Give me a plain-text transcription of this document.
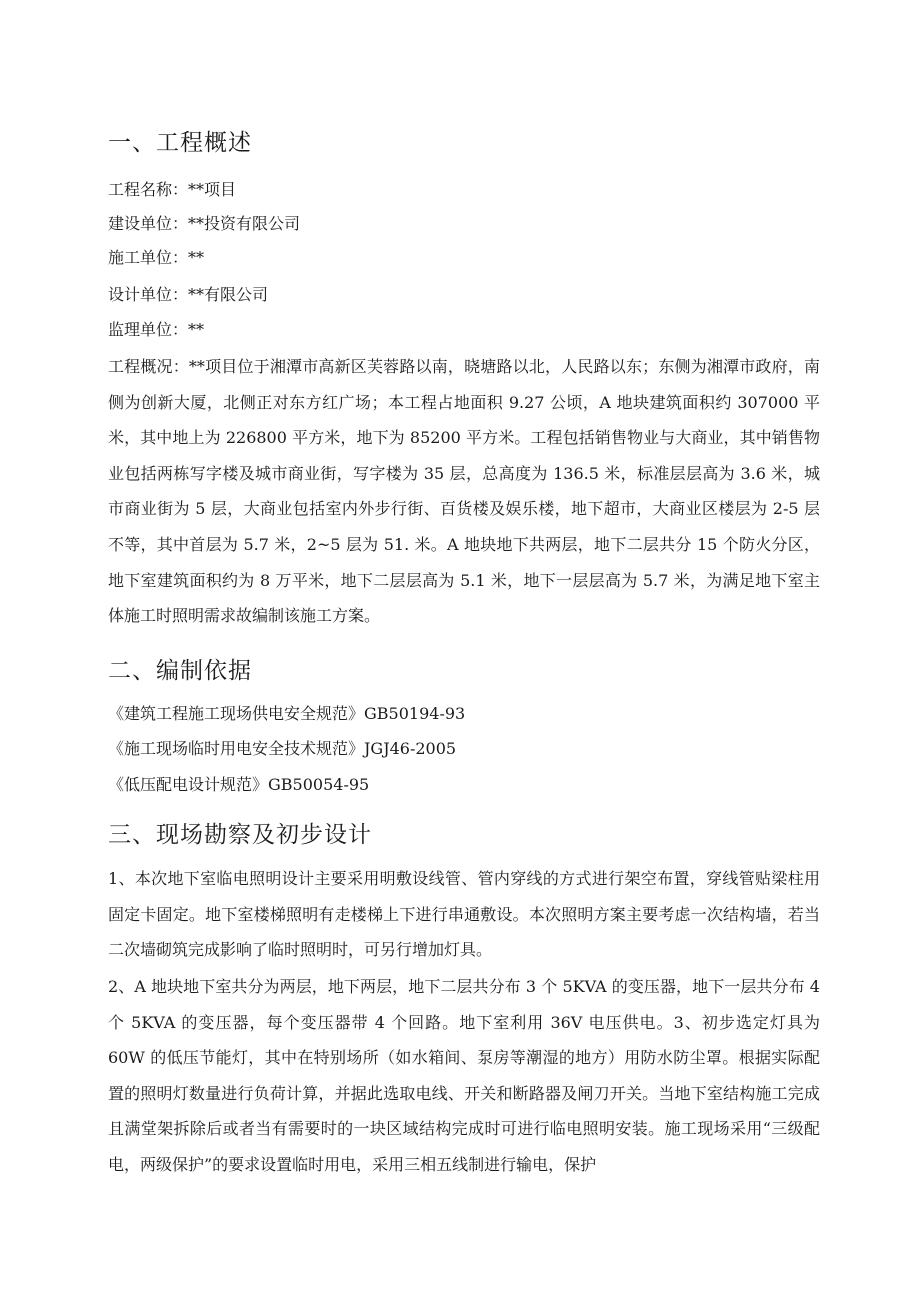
一、工程概述
工程名称：**项目
建设单位：**投资有限公司
施工单位：**
设计单位：**有限公司
监理单位：**
工程概况：**项目位于湘潭市高新区芙蓉路以南，晓塘路以北，人民路以东；东侧为湘潭市政府，南侧为创新大厦，北侧正对东方红广场；本工程占地面积 9.27 公顷，A 地块建筑面积约 307000 平米，其中地上为 226800 平方米，地下为 85200 平方米。工程包括销售物业与大商业，其中销售物业包括两栋写字楼及城市商业街，写字楼为 35 层，总高度为 136.5 米，标准层层高为 3.6 米，城市商业街为 5 层，大商业包括室内外步行街、百货楼及娱乐楼，地下超市，大商业区楼层为 2-5 层不等，其中首层为 5.7 米，2~5 层为 51. 米。A 地块地下共两层，地下二层共分 15 个防火分区，地下室建筑面积约为 8 万平米，地下二层层高为 5.1 米，地下一层层高为 5.7 米，为满足地下室主体施工时照明需求故编制该施工方案。
二、编制依据
《建筑工程施工现场供电安全规范》GB50194-93
《施工现场临时用电安全技术规范》JGJ46-2005
《低压配电设计规范》GB50054-95
三、现场勘察及初步设计
1、本次地下室临电照明设计主要采用明敷设线管、管内穿线的方式进行架空布置，穿线管贴梁柱用固定卡固定。地下室楼梯照明有走楼梯上下进行串通敷设。本次照明方案主要考虑一次结构墙，若当二次墙砌筑完成影响了临时照明时，可另行增加灯具。
2、A 地块地下室共分为两层，地下两层，地下二层共分布 3 个 5KVA 的变压器，地下一层共分布 4 个 5KVA 的变压器，每个变压器带 4 个回路。地下室利用 36V 电压供电。3、初步选定灯具为 60W 的低压节能灯，其中在特别场所（如水箱间、泵房等潮湿的地方）用防水防尘罩。根据实际配置的照明灯数量进行负荷计算，并据此选取电线、开关和断路器及闸刀开关。当地下室结构施工完成且满堂架拆除后或者当有需要时的一块区域结构完成时可进行临电照明安装。施工现场采用“三级配电，两级保护”的要求设置临时用电，采用三相五线制进行输电，保护
